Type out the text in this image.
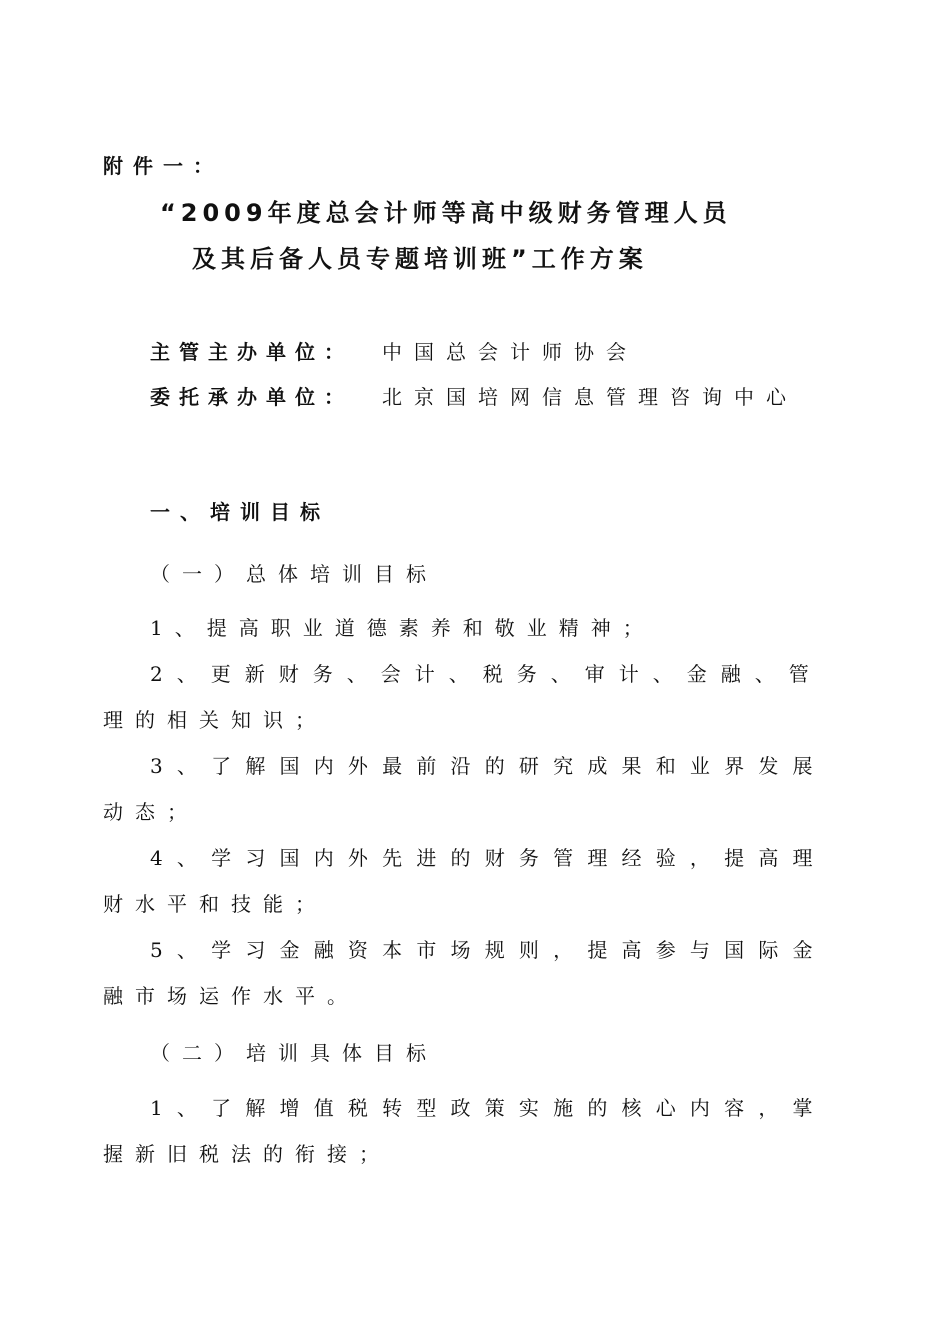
附件一：
“2009年度总会计师等高中级财务管理人员
及其后备人员专题培训班”工作方案
主管主办单位： 中国总会计师协会
委托承办单位： 北京国培网信息管理咨询中心
一、培训目标
（一）总体培训目标
1、提高职业道德素养和敬业精神；
2、更新财务、会计、税务、审计、金融、管
理的相关知识；
3、了解国内外最前沿的研究成果和业界发展
动态；
4、学习国内外先进的财务管理经验，提高理
财水平和技能；
5、学习金融资本市场规则，提高参与国际金
融市场运作水平。
（二）培训具体目标
1、了解增值税转型政策实施的核心内容，掌
握新旧税法的衔接；
